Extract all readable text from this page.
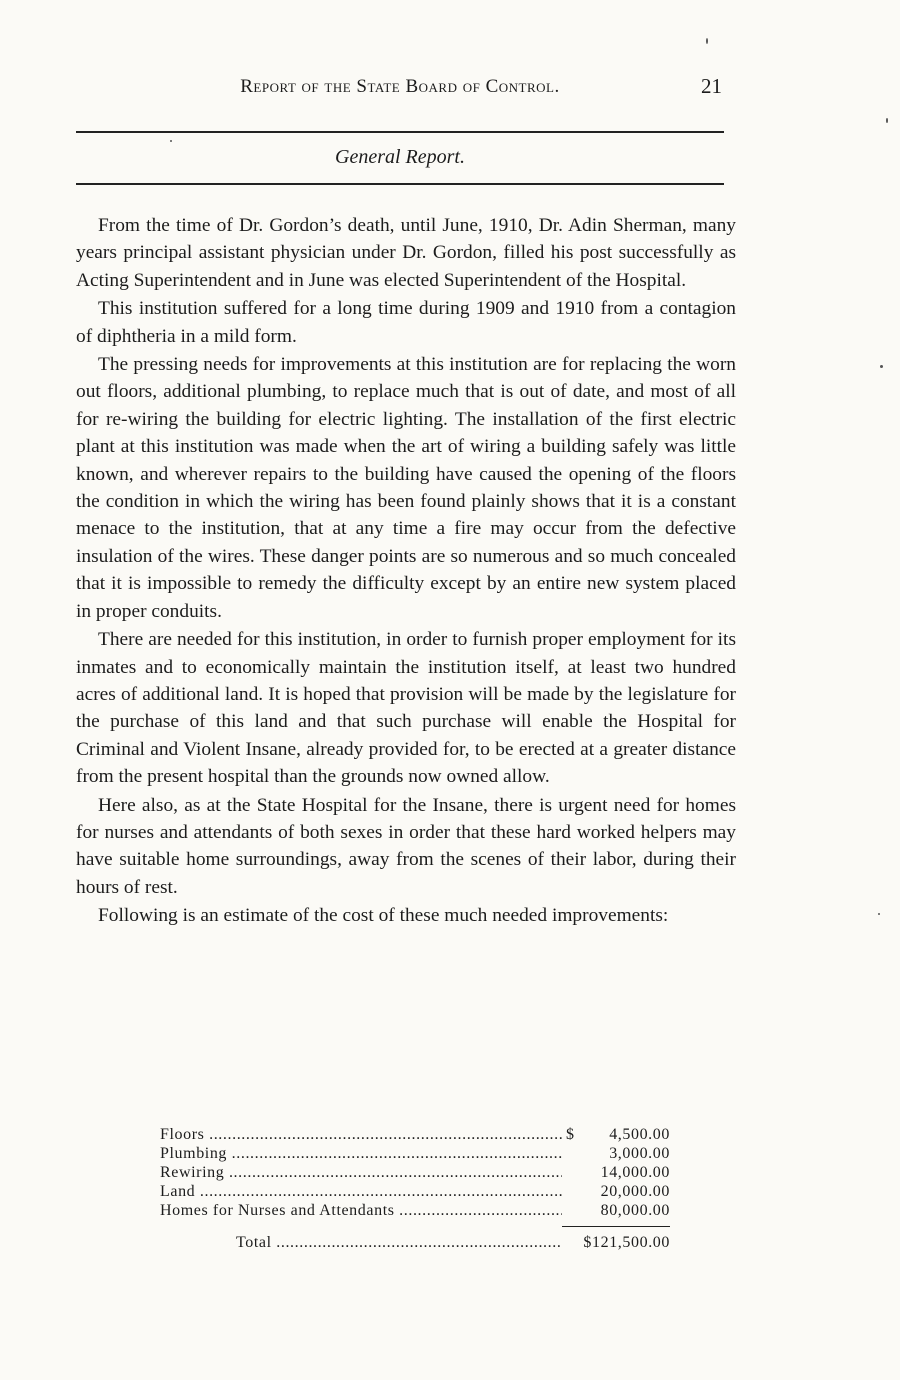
Report of the State Board of Control.	21
General Report.

From the time of Dr. Gordon’s death, until June, 1910, Dr. Adin Sherman, many years principal assistant physician under Dr. Gordon, filled his post successfully as Acting Superintendent and in June was elected Superintendent of the Hospital.

This institution suffered for a long time during 1909 and 1910 from a contagion of diphtheria in a mild form.

The pressing needs for improvements at this institution are for replacing the worn out floors, additional plumbing, to replace much that is out of date, and most of all for re-wiring the building for electric lighting. The installation of the first electric plant at this institution was made when the art of wiring a building safely was little known, and wherever repairs to the building have caused the opening of the floors the condition in which the wiring has been found plainly shows that it is a constant menace to the institution, that at any time a fire may occur from the defective insulation of the wires. These danger points are so numerous and so much concealed that it is impossible to remedy the difficulty except by an entire new system placed in proper conduits.

There are needed for this institution, in order to furnish proper employment for its inmates and to economically maintain the institution itself, at least two hundred acres of additional land. It is hoped that provision will be made by the legislature for the purchase of this land and that such purchase will enable the Hospital for Criminal and Violent Insane, already provided for, to be erected at a greater distance from the present hospital than the grounds now owned allow.

Here also, as at the State Hospital for the Insane, there is urgent need for homes for nurses and attendants of both sexes in order that these hard worked helpers may have suitable home surroundings, away from the scenes of their labor, during their hours of rest.

Following is an estimate of the cost of these much needed improvements:

Floors .....	$	4,500.00
Plumbing .....	3,000.00
Rewiring .....	14,000.00
Land .....	20,000.00
Homes for Nurses and Attendants .....	80,000.00
Total .....	$121,500.00
